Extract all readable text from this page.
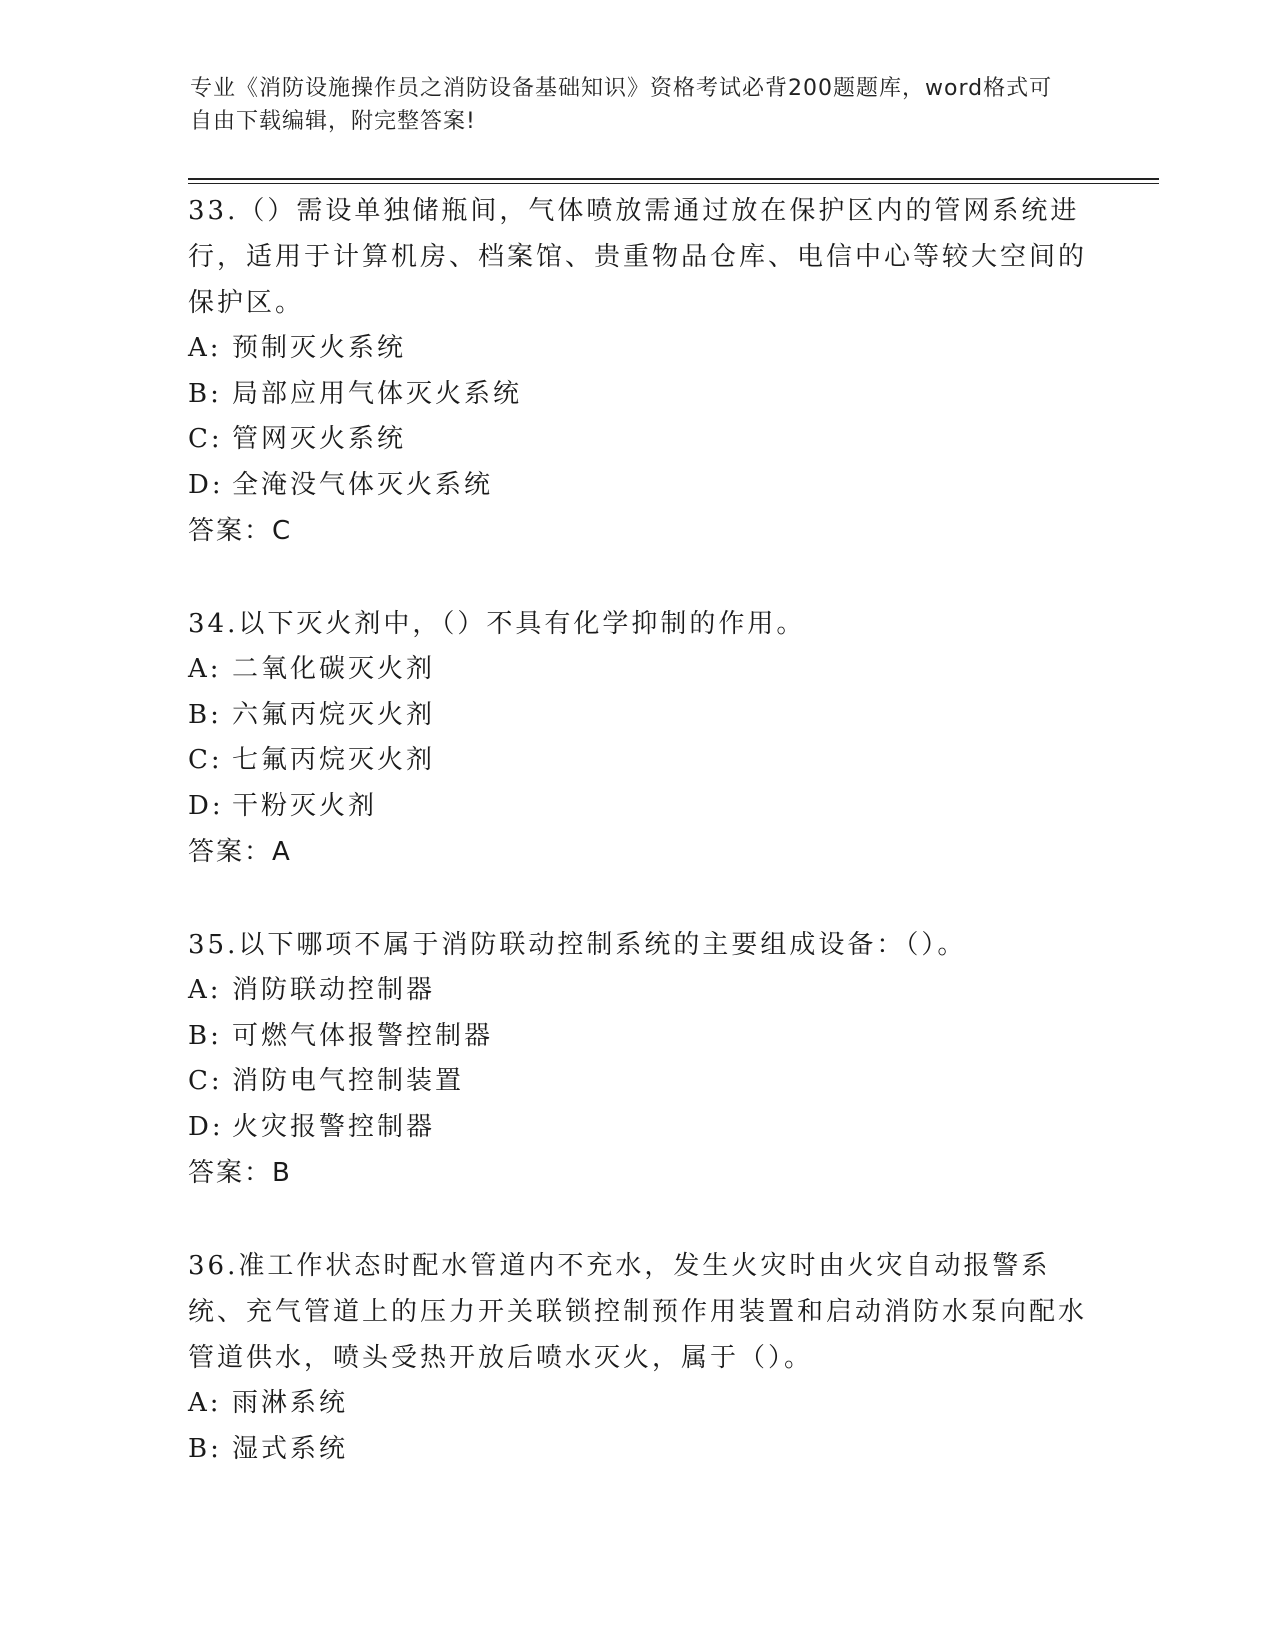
专业《消防设施操作员之消防设备基础知识》资格考试必背200题题库，word格式可自由下载编辑，附完整答案!

33.（）需设单独储瓶间，气体喷放需通过放在保护区内的管网系统进行，适用于计算机房、档案馆、贵重物品仓库、电信中心等较大空间的保护区。

A: 预制灭火系统

B: 局部应用气体灭火系统

C: 管网灭火系统

D: 全淹没气体灭火系统

答案：C

34.以下灭火剂中，（）不具有化学抑制的作用。

A: 二氧化碳灭火剂

B: 六氟丙烷灭火剂

C: 七氟丙烷灭火剂

D: 干粉灭火剂

答案：A

35.以下哪项不属于消防联动控制系统的主要组成设备：（）。

A: 消防联动控制器

B: 可燃气体报警控制器

C: 消防电气控制装置

D: 火灾报警控制器

答案：B

36.准工作状态时配水管道内不充水，发生火灾时由火灾自动报警系统、充气管道上的压力开关联锁控制预作用装置和启动消防水泵向配水管道供水，喷头受热开放后喷水灭火，属于（）。

A: 雨淋系统

B: 湿式系统
